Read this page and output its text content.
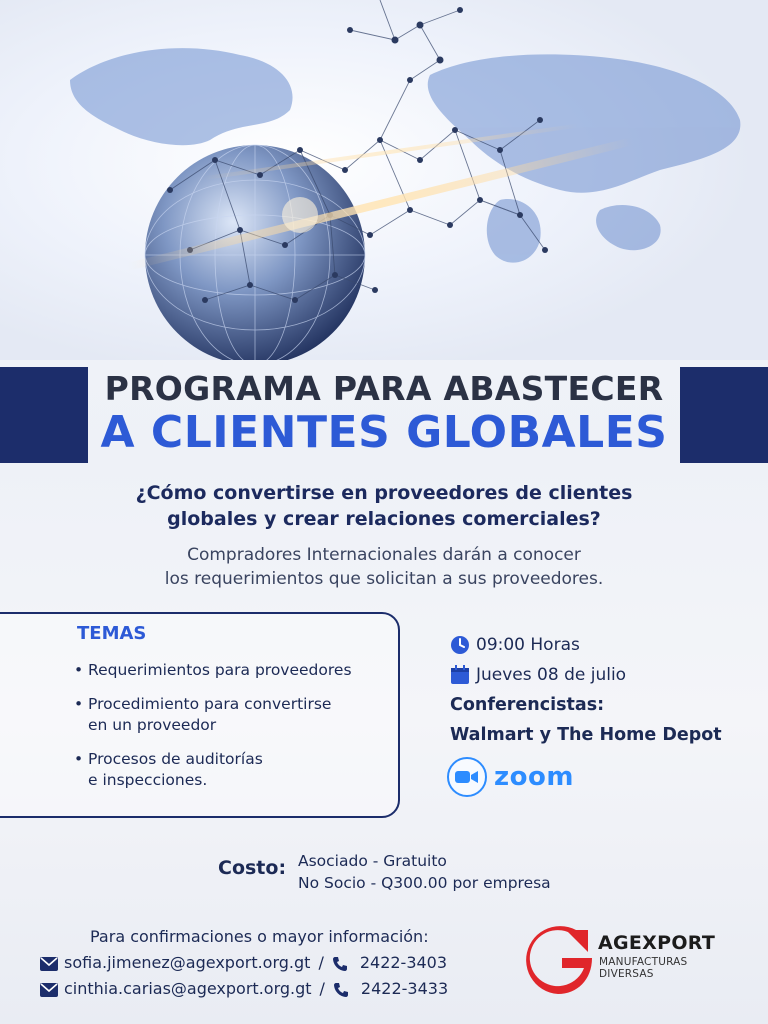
PROGRAMA PARA ABASTECER
A CLIENTES GLOBALES
¿Cómo convertirse en proveedores de clientes
globales y crear relaciones comerciales?
Compradores Internacionales darán a conocer
los requerimientos que solicitan a sus proveedores.
TEMAS
• Requerimientos para proveedores
• Procedimiento para convertirse
en un proveedor
• Procesos de auditorías
e inspecciones.
09:00 Horas
Jueves 08 de julio
Conferencistas:
Walmart y The Home Depot
zoom
Costo: Asociado - Gratuito
No Socio - Q300.00 por empresa
Para confirmaciones o mayor información:
sofia.jimenez@agexport.org.gt / 2422-3403
cinthia.carias@agexport.org.gt / 2422-3433
AGEXPORT
MANUFACTURAS
DIVERSAS
